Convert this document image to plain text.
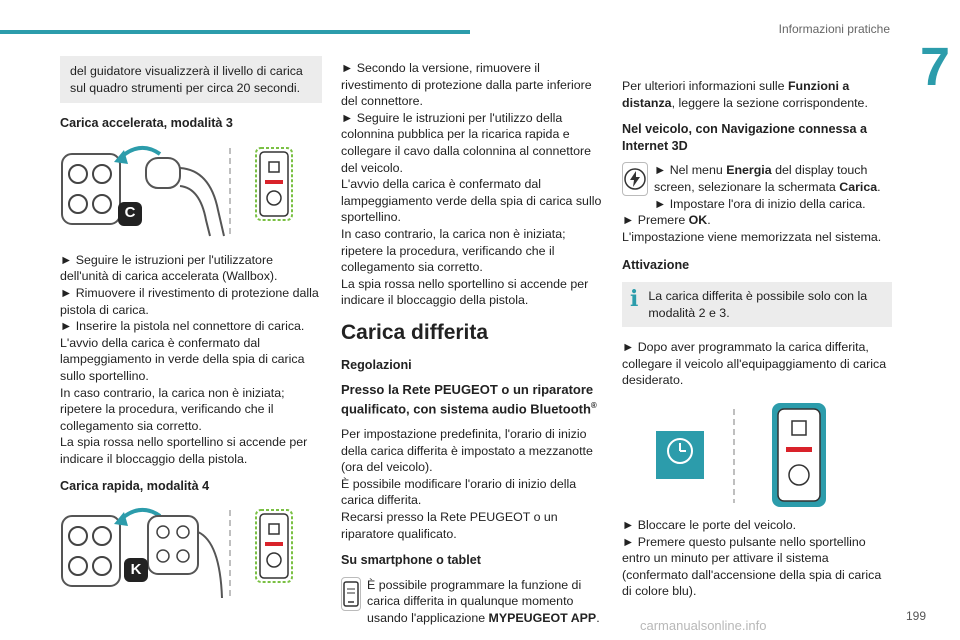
Informazioni pratiche
7

del guidatore visualizzerà il livello di carica sul quadro strumenti per circa 20 secondi.

Carica accelerata, modalità 3
C

► Seguire le istruzioni per l'utilizzatore dell'unità di carica accelerata (Wallbox).

► Rimuovere il rivestimento di protezione dalla pistola di carica.

► Inserire la pistola nel connettore di carica.

L'avvio della carica è confermato dal lampeggiamento in verde della spia di carica sullo sportellino.

In caso contrario, la carica non è iniziata; ripetere la procedura, verificando che il collegamento sia corretto.

La spia rossa nello sportellino si accende per indicare il bloccaggio della pistola.

Carica rapida, modalità 4
K

► Secondo la versione, rimuovere il rivestimento di protezione dalla parte inferiore del connettore.

► Seguire le istruzioni per l'utilizzo della colonnina pubblica per la ricarica rapida e collegare il cavo dalla colonnina al connettore del veicolo.

L'avvio della carica è confermato dal lampeggiamento verde della spia di carica sullo sportellino.

In caso contrario, la carica non è iniziata; ripetere la procedura, verificando che il collegamento sia corretto.

La spia rossa nello sportellino si accende per indicare il bloccaggio della pistola.

Carica differita
Regolazioni
Presso la Rete PEUGEOT o un riparatore qualificato, con sistema audio Bluetooth®

Per impostazione predefinita, l'orario di inizio della carica differita è impostato a mezzanotte (ora del veicolo).

È possibile modificare l'orario di inizio della carica differita.

Recarsi presso la Rete PEUGEOT o un riparatore qualificato.

Su smartphone o tablet

È possibile programmare la funzione di carica differita in qualunque momento usando l'applicazione MYPEUGEOT APP.

Per ulteriori informazioni sulle Funzioni a distanza, leggere la sezione corrispondente.

Nel veicolo, con Navigazione connessa a Internet 3D

► Nel menu Energia del display touch screen, selezionare la schermata Carica.

► Impostare l'ora di inizio della carica.

► Premere OK.

L'impostazione viene memorizzata nel sistema.

Attivazione
i La carica differita è possibile solo con la modalità 2 e 3.

► Dopo aver programmato la carica differita, collegare il veicolo all'equipaggiamento di carica desiderato.

► Bloccare le porte del veicolo.

► Premere questo pulsante nello sportellino entro un minuto per attivare il sistema (confermato dall'accensione della spia di carica di colore blu).

199
carmanualsonline.info
